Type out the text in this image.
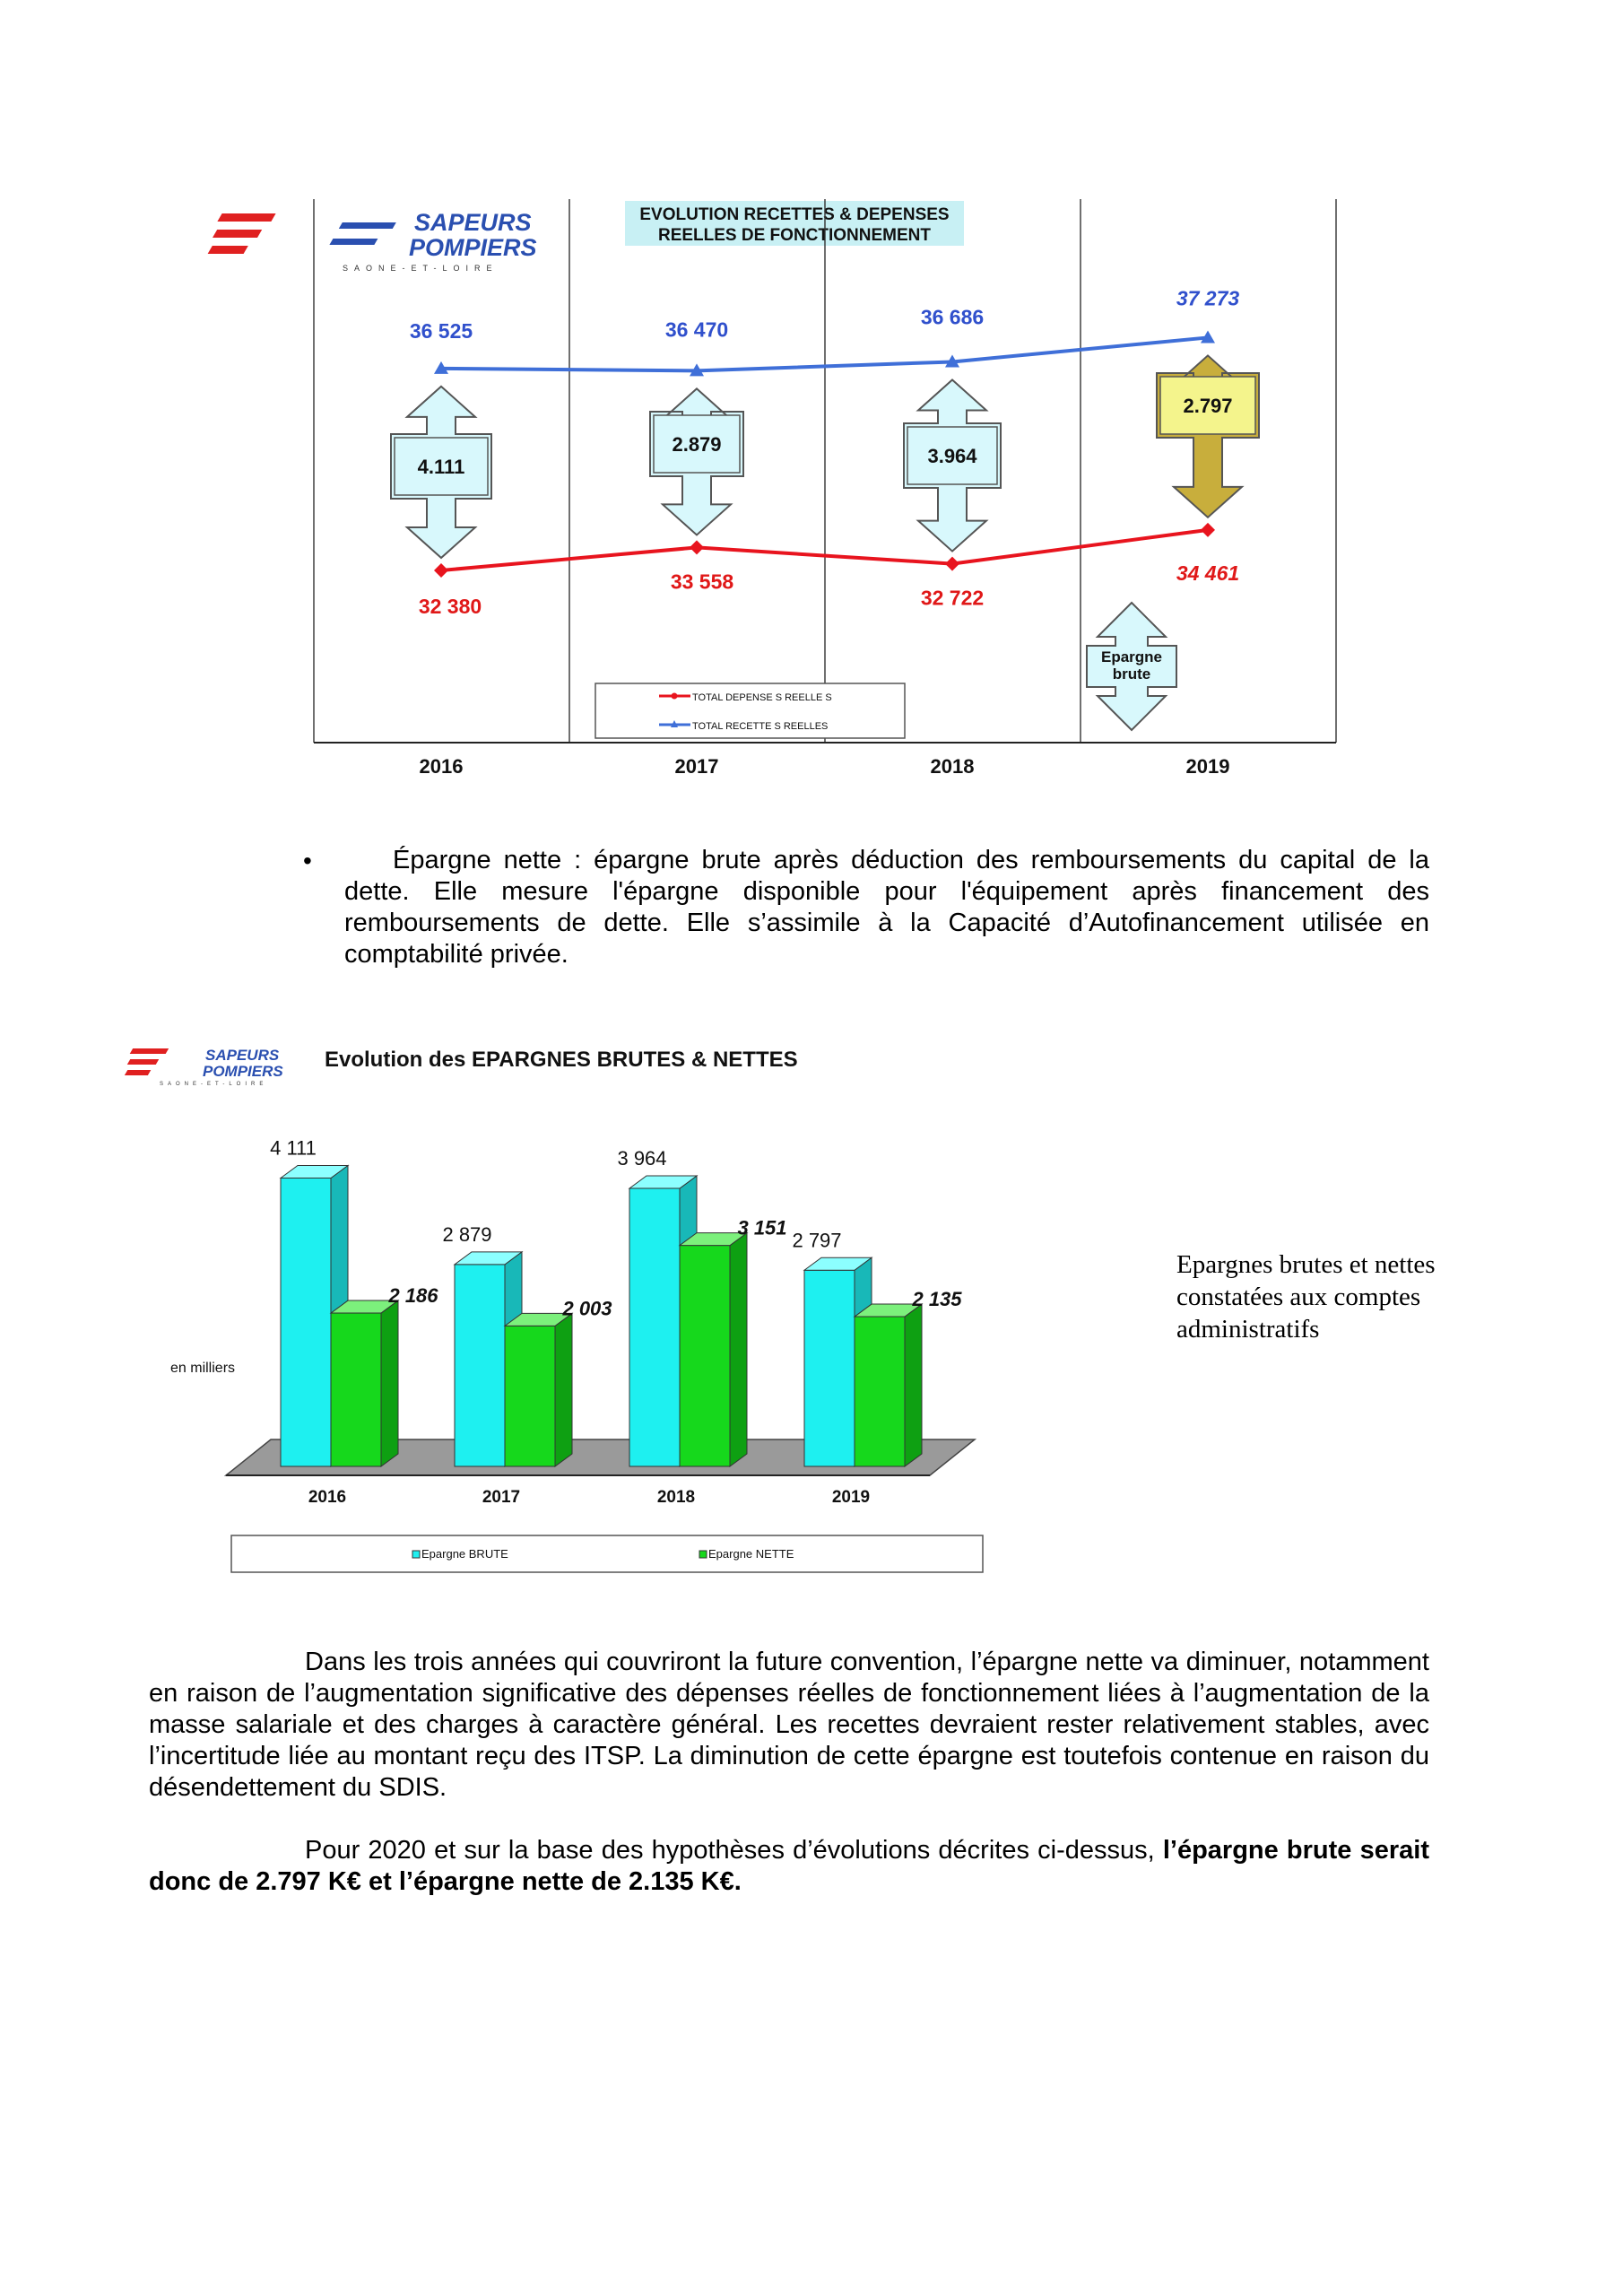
SAPEURS
POMPIERS
SAONE-ET-LOIRE
EVOLUTION RECETTES & DEPENSES
REELLES DE FONCTIONNEMENT
4.111
2.879
3.964
2.797
36 525	36 470
36 686
37 273
32 380
33 558
32 722
34 461
Epargne
brute
TOTAL DEPENSE S REELLE S
TOTAL RECETTE S REELLES
2016	2017	2018	2019
•	Épargne nette : épargne brute après déduction des remboursements du capital de la dette. Elle mesure l'épargne disponible pour l'équipement après financement des remboursements de dette. Elle s’assimile à la Capacité d’Autofinancement utilisée en comptabilité privée.
SAPEURS
POMPIERS
SAONE-ET-LOIRE
Evolution des EPARGNES BRUTES & NETTES
en milliers
4 111
2 186
2 879
2 003
3 964
3 151
2 797
2 135
2016	2017	2018	2019
Epargne BRUTE	Epargne NETTE
Epargnes brutes et nettes constatées aux comptes administratifs
Dans les trois années qui couvriront la future convention, l’épargne nette va diminuer, notamment en raison de l’augmentation significative des dépenses réelles de fonctionnement liées à l’augmentation de la masse salariale et des charges à caractère général. Les recettes devraient rester relativement stables, avec l’incertitude liée au montant reçu des ITSP. La diminution de cette épargne est toutefois contenue en raison du désendettement du SDIS.
Pour 2020 et sur la base des hypothèses d’évolutions décrites ci-dessus, l’épargne brute serait donc de 2.797 K€ et l’épargne nette de 2.135 K€.
